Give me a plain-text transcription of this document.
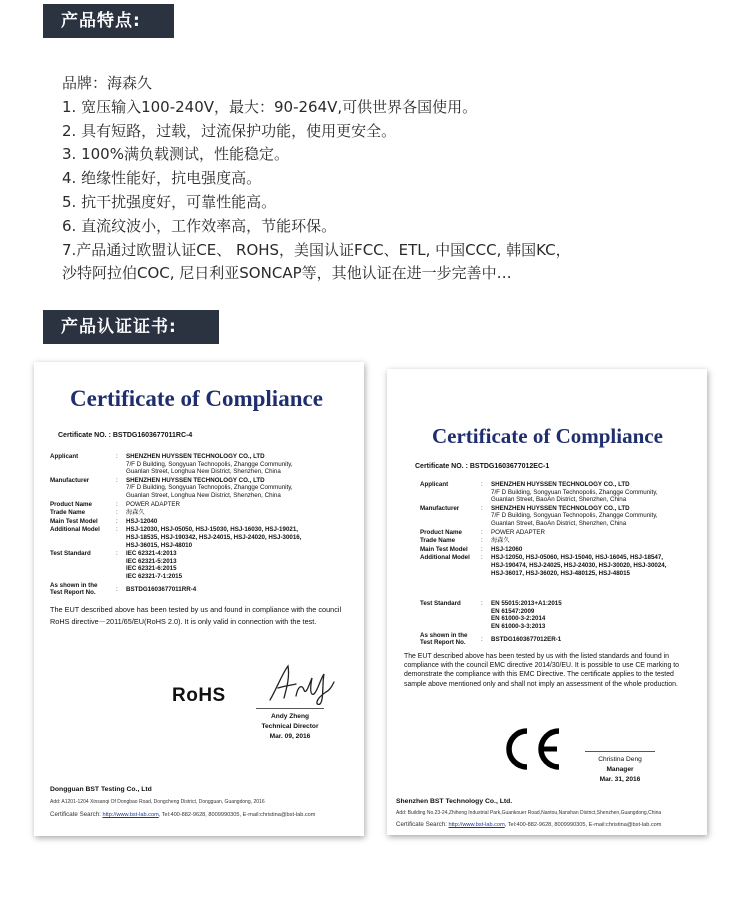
产品特点:
品牌：海森久
1. 宽压输入100-240V，最大：90-264V,可供世界各国使用。
2. 具有短路，过载，过流保护功能，使用更安全。
3. 100%满负载测试，性能稳定。
4. 绝缘性能好，抗电强度高。
5. 抗干扰强度好，可靠性能高。
6. 直流纹波小，工作效率高，节能环保。
7.产品通过欧盟认证CE、 ROHS，美国认证FCC、ETL, 中国CCC, 韩国KC，
沙特阿拉伯COC, 尼日利亚SONCAP等，其他认证在进一步完善中…
产品认证证书:
Certificate of Compliance
Certificate NO. : BSTDG1603677011RC-4
Applicant	:	SHENZHEN HUYSSEN TECHNOLOGY CO., LTD
7/F D Building, Songyuan Technopolis, Zhangge Community,
Guanlan Street, Longhua New District, Shenzhen, China
Manufacturer	:	SHENZHEN HUYSSEN TECHNOLOGY CO., LTD
7/F D Building, Songyuan Technopolis, Zhangge Community,
Guanlan Street, Longhua New District, Shenzhen, China
Product Name	:	POWER ADAPTER
Trade Name	:	海森久
Main Test Model	:	HSJ-12040
Additional Model	:	HSJ-12030, HSJ-05050, HSJ-15030, HSJ-16030, HSJ-19021,
HSJ-18535, HSJ-190342, HSJ-24015, HSJ-24020, HSJ-30016,
HSJ-36015, HSJ-48010
Test Standard	:	IEC 62321-4:2013
IEC 62321-5:2013
IEC 62321-6:2015
IEC 62321-7-1:2015
As shown in the
Test Report No.
:	BSTDG1603677011RR-4
The EUT described above has been tested by us and found in compliance with the council RoHS directive－2011/65/EU(RoHS 2.0). It is only valid in connection with the test.
RoHS
Andy Zheng
Technical Director
Mar. 09, 2016
Dongguan BST Testing Co., Ltd
Add: A1201-1204 Xinsanqi Of Dongbao Road, Dongcheng District, Dongguan, Guangdong, 2016
Certificate Search: http://www.bst-lab.com, Tel:400-882-9628, 8009990305, E-mail:christina@bst-lab.com
Certificate of Compliance
Certificate NO. : BSTDG1603677012EC-1
Applicant	:	SHENZHEN HUYSSEN TECHNOLOGY CO., LTD
7/F D Building, Songyuan Technopolis, Zhangge Community,
Guanlan Street, BaoAn District, Shenzhen, China
Manufacturer	:	SHENZHEN HUYSSEN TECHNOLOGY CO., LTD
7/F D Building, Songyuan Technopolis, Zhangge Community,
Guanlan Street, BaoAn District, Shenzhen, China
Product Name	:	POWER ADAPTER
Trade Name	:	海森久
Main Test Model	:	HSJ-12060
Additional Model	:	HSJ-12050, HSJ-05060, HSJ-15040, HSJ-16045, HSJ-18547,
HSJ-190474, HSJ-24025, HSJ-24030, HSJ-30020, HSJ-30024,
HSJ-36017, HSJ-36020, HSJ-480125, HSJ-48015
Test Standard	:	EN 55015:2013+A1:2015
EN 61547:2009
EN 61000-3-2:2014
EN 61000-3-3:2013
As shown in the
Test Report No.
:	BSTDG1603677012ER-1
The EUT described above has been tested by us with the listed standards and found in compliance with the council EMC directive 2014/30/EU. It is possible to use CE marking to demonstrate the compliance with this EMC Directive. The certificate applies to the tested sample above mentioned only and shall not imply an assessment of the whole production.
Christina Deng
Manager
Mar. 31, 2016
Shenzhen BST Technology Co., Ltd.
Add: Building No.23-24,Zhiheng Industrial Park,Guankouer Road,Nantou,Nanshan District,Shenzhen,Guangdong,China
Certificate Search: http://www.bst-lab.com, Tel:400-882-9628, 8009990305, E-mail:christina@bst-lab.com
